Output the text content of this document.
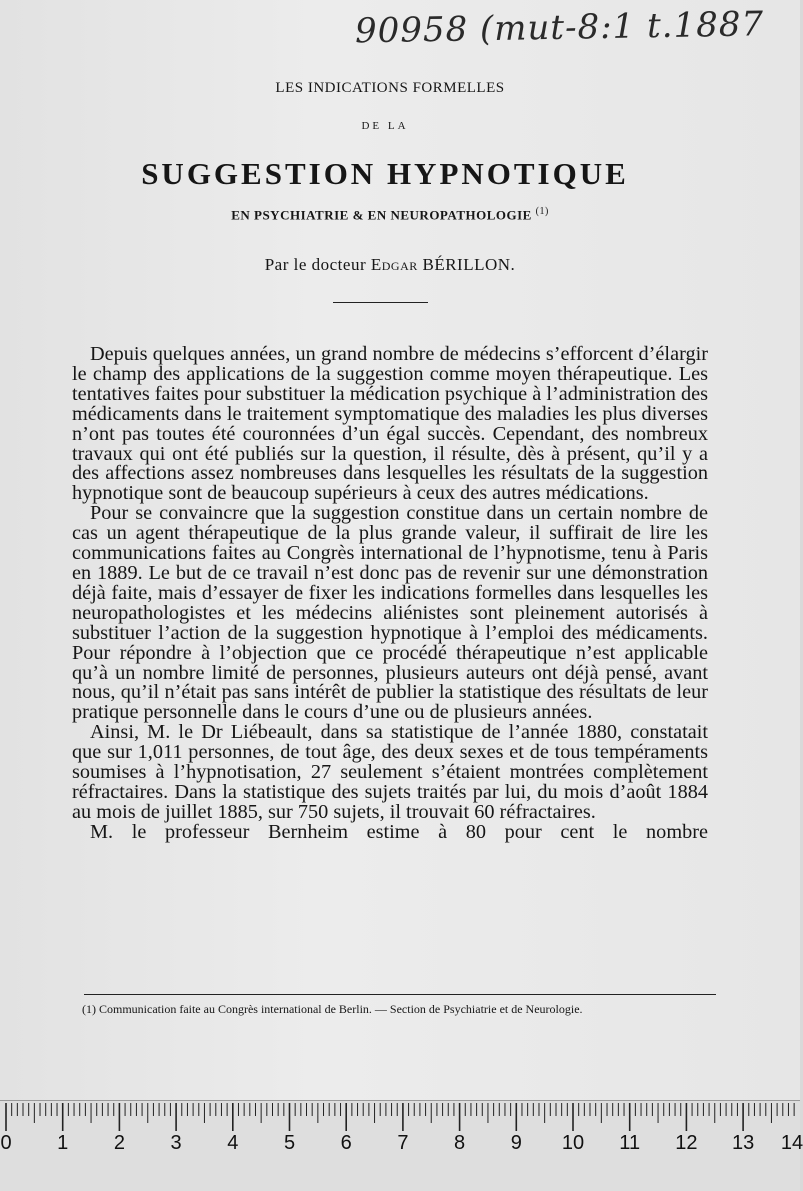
90958 (mut-8:1 t.1887
LES INDICATIONS FORMELLES
DE LA
SUGGESTION HYPNOTIQUE
EN PSYCHIATRIE & EN NEUROPATHOLOGIE $^{(1)}$
Par le docteur Edgar BÉRILLON.

Depuis quelques années, un grand nombre de médecins s’efforcent d’élargir le champ des applications de la suggestion comme moyen thérapeutique. Les tentatives faites pour substituer la médication psychique à l’administration des médicaments dans le traitement symptomatique des maladies les plus diverses n’ont pas toutes été couronnées d’un égal succès. Cependant, des nombreux travaux qui ont été publiés sur la question, il résulte, dès à présent, qu’il y a des affections assez nombreuses dans lesquelles les résultats de la suggestion hypnotique sont de beaucoup supérieurs à ceux des autres médications.

Pour se convaincre que la suggestion constitue dans un certain nombre de cas un agent thérapeutique de la plus grande valeur, il suffirait de lire les communications faites au Congrès international de l’hypnotisme, tenu à Paris en 1889. Le but de ce travail n’est donc pas de revenir sur une démonstration déjà faite, mais d’essayer de fixer les indications formelles dans lesquelles les neuropathologistes et les médecins aliénistes sont pleinement autorisés à substituer l’action de la suggestion hypnotique à l’emploi des médicaments. Pour répondre à l’objection que ce procédé thérapeutique n’est applicable qu’à un nombre limité de personnes, plusieurs auteurs ont déjà pensé, avant nous, qu’il n’était pas sans intérêt de publier la statistique des résultats de leur pratique personnelle dans le cours d’une ou de plusieurs années.

Ainsi, M. le Dr Liébeault, dans sa statistique de l’année 1880, constatait que sur 1,011 personnes, de tout âge, des deux sexes et de tous tempéraments soumises à l’hypnotisation, 27 seulement s’étaient montrées complètement réfractaires. Dans la statistique des sujets traités par lui, du mois d’août 1884 au mois de juillet 1885, sur 750 sujets, il trouvait 60 réfractaires.

M. le professeur Bernheim estime à 80 pour cent le nombre

(1) Communication faite au Congrès international de Berlin. — Section de Psychiatrie et de Neurologie.
0 1 2 3 4 5 6 7 8 9 10 11 12 13 14
